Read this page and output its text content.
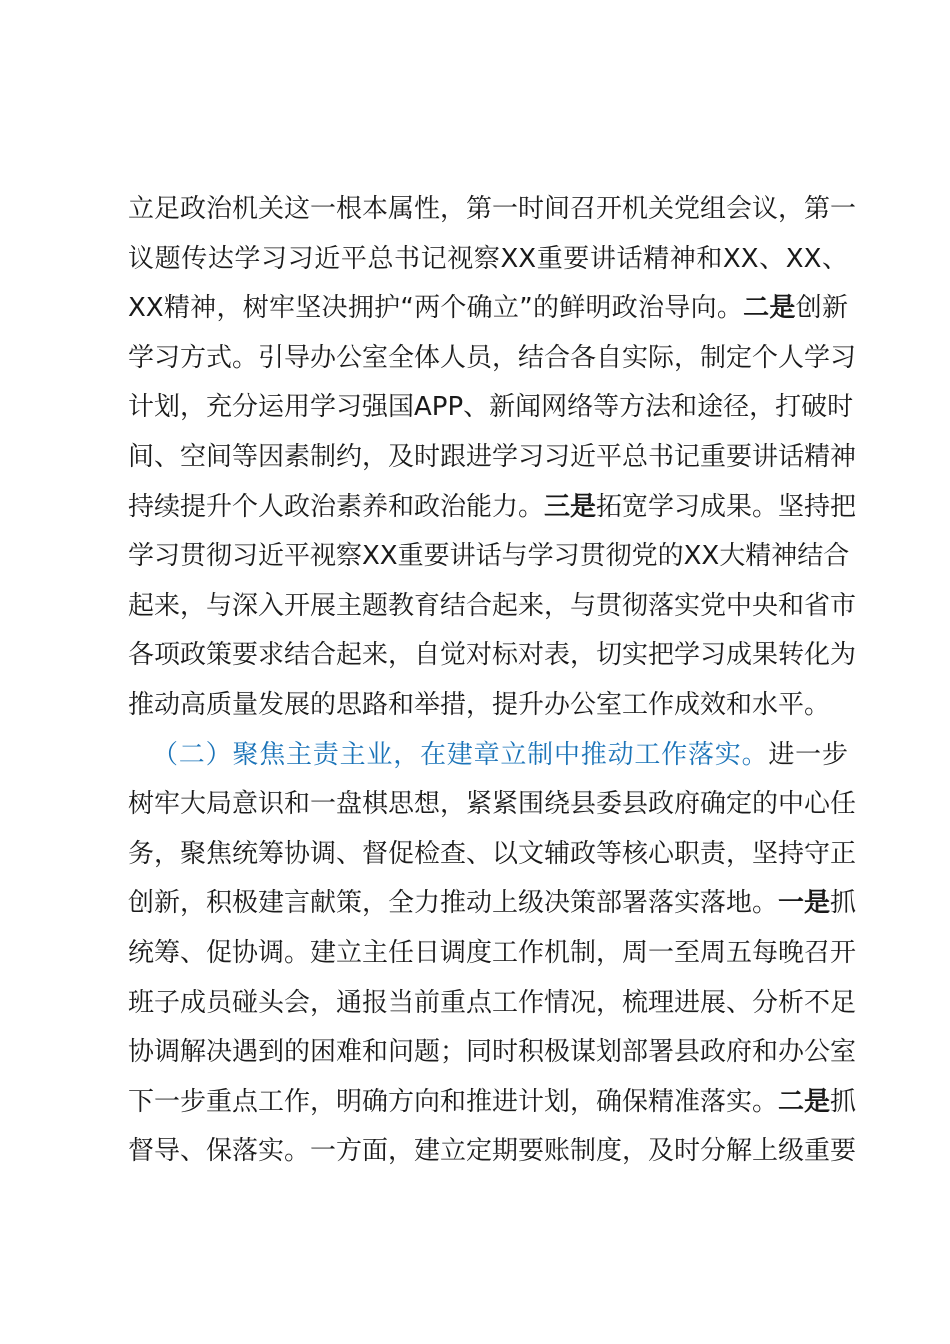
立足政治机关这一根本属性，第一时间召开机关党组会议，第一
议题传达学习习近平总书记视察XX重要讲话精神和XX、XX、
XX精神，树牢坚决拥护“两个确立”的鲜明政治导向。二是创新
学习方式。引导办公室全体人员，结合各自实际，制定个人学习
计划，充分运用学习强国APP、新闻网络等方法和途径，打破时
间、空间等因素制约，及时跟进学习习近平总书记重要讲话精神
持续提升个人政治素养和政治能力。三是拓宽学习成果。坚持把
学习贯彻习近平视察XX重要讲话与学习贯彻党的XX大精神结合
起来，与深入开展主题教育结合起来，与贯彻落实党中央和省市
各项政策要求结合起来，自觉对标对表，切实把学习成果转化为
推动高质量发展的思路和举措，提升办公室工作成效和水平。
（二）聚焦主责主业，在建章立制中推动工作落实。进一步
树牢大局意识和一盘棋思想，紧紧围绕县委县政府确定的中心任
务，聚焦统筹协调、督促检查、以文辅政等核心职责，坚持守正
创新，积极建言献策，全力推动上级决策部署落实落地。一是抓
统筹、促协调。建立主任日调度工作机制，周一至周五每晚召开
班子成员碰头会，通报当前重点工作情况，梳理进展、分析不足
协调解决遇到的困难和问题；同时积极谋划部署县政府和办公室
下一步重点工作，明确方向和推进计划，确保精准落实。二是抓
督导、保落实。一方面，建立定期要账制度，及时分解上级重要
